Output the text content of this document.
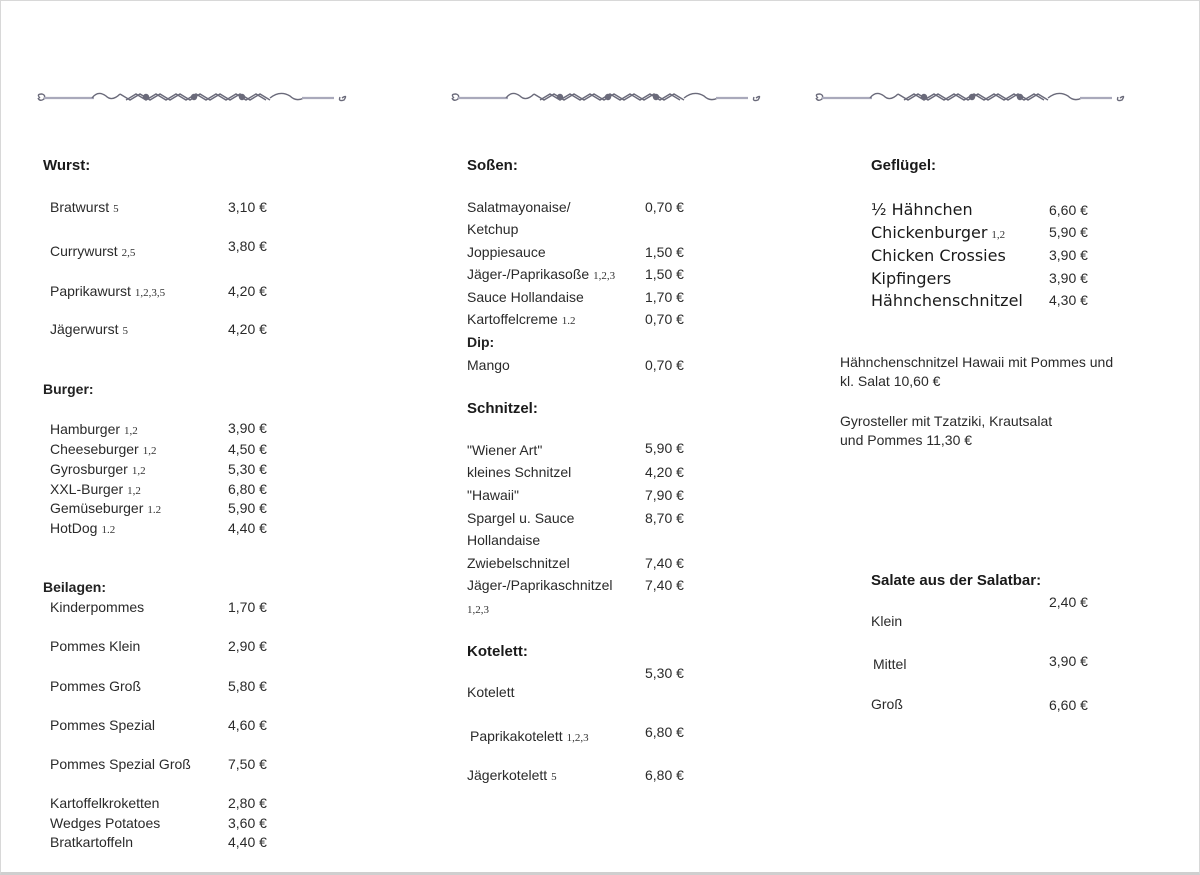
Wurst:
Bratwurst 5	3,10 €
Currywurst 2,5	3,80 €
Paprikawurst 1,2,3,5	4,20 €
Jägerwurst 5	4,20 €
Burger:
Hamburger 1,2	3,90 €
Cheeseburger 1,2	4,50 €
Gyrosburger 1,2	5,30 €
XXL-Burger 1,2	6,80 €
Gemüseburger 1.2	5,90 €
HotDog 1.2	4,40 €
Beilagen:
Kinderpommes	1,70 €
Pommes Klein	2,90 €
Pommes Groß	5,80 €
Pommes Spezial	4,60 €
Pommes Spezial Groß	7,50 €
Kartoffelkroketten	2,80 €
Wedges Potatoes	3,60 €
Bratkartoffeln	4,40 €
Soßen:
Salatmayonaise/	0,70 €
Ketchup
Joppiesauce	1,50 €
Jäger-/Paprikasoße 1,2,3 1,50 €
Sauce Hollandaise	1,70 €
Kartoffelcreme 1.2	0,70 €
Dip:
Mango	0,70 €
Schnitzel:
"Wiener Art"	5,90 €
kleines Schnitzel	4,20 €
"Hawaii"	7,90 €
Spargel u. Sauce	8,70 €
Hollandaise
Zwiebelschnitzel	7,40 €
Jäger-/Paprikaschnitzel 7,40 €
1,2,3
Kotelett:
Kotelett
5,30 €
Paprikakotelett 1,2,3	6,80 €
Jägerkotelett 5	6,80 €
Geflügel:
½ Hähnchen	6,60 €
Chickenburger 1,2	5,90 €
Chicken Crossies	3,90 €
Kipfingers	3,90 €
Hähnchenschnitzel 4,30 €
Hähnchenschnitzel Hawaii mit Pommes und
kl. Salat 10,60 €
Gyrosteller mit Tzatziki, Krautsalat
und Pommes 11,30 €
Salate aus der Salatbar:
Klein
2,40 €
Mittel	3,90 €
Groß	6,60 €
